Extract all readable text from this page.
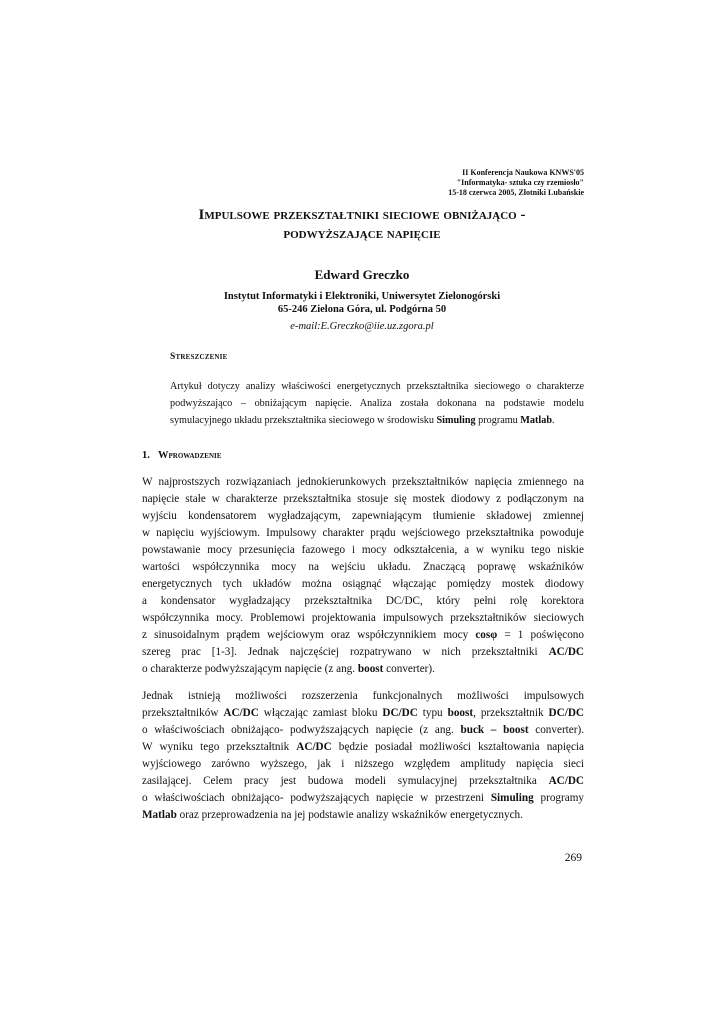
II Konferencja Naukowa KNWS'05
"Informatyka- sztuka czy rzemiosło"
15-18 czerwca 2005, Złotniki Lubańskie
Impulsowe przekształtniki sieciowe obniżająco -
podwyższające napięcie
Edward Greczko
Instytut Informatyki i Elektroniki, Uniwersytet Zielonogórski
65-246 Zielona Góra, ul. Podgórna 50
e-mail:E.Greczko@iie.uz.zgora.pl
Streszczenie
Artykuł dotyczy analizy właściwości energetycznych przekształtnika sieciowego o charakterze
podwyższająco – obniżającym napięcie. Analiza została dokonana na podstawie modelu
symulacyjnego układu przekształtnika sieciowego w środowisku Simuling programu Matlab.
1. Wprowadzenie
W najprostszych rozwiązaniach jednokierunkowych przekształtników napięcia zmiennego na
napięcie stałe w charakterze przekształtnika stosuje się mostek diodowy z podłączonym na
wyjściu kondensatorem wygładzającym, zapewniającym tłumienie składowej zmiennej
w napięciu wyjściowym. Impulsowy charakter prądu wejściowego przekształtnika powoduje
powstawanie mocy przesunięcia fazowego i mocy odkształcenia, a w wyniku tego niskie
wartości współczynnika mocy na wejściu układu. Znaczącą poprawę wskaźników
energetycznych tych układów można osiągnąć włączając pomiędzy mostek diodowy
a kondensator wygładzający przekształtnika DC/DC, który pełni rolę korektora
współczynnika mocy. Problemowi projektowania impulsowych przekształtników sieciowych
z sinusoidalnym prądem wejściowym oraz współczynnikiem mocy cosφ = 1 poświęcono
szereg prac [1-3]. Jednak najczęściej rozpatrywano w nich przekształtniki AC/DC
o charakterze podwyższającym napięcie (z ang. boost converter).
Jednak istnieją możliwości rozszerzenia funkcjonalnych możliwości impulsowych
przekształtników AC/DC włączając zamiast bloku DC/DC typu boost, przekształtnik DC/DC
o właściwościach obniżająco- podwyższających napięcie (z ang. buck – boost converter).
W wyniku tego przekształtnik AC/DC będzie posiadał możliwości kształtowania napięcia
wyjściowego zarówno wyższego, jak i niższego względem amplitudy napięcia sieci
zasilającej. Celem pracy jest budowa modeli symulacyjnej przekształtnika AC/DC
o właściwościach obniżająco- podwyższających napięcie w przestrzeni Simuling programy
Matlab oraz przeprowadzenia na jej podstawie analizy wskaźników energetycznych.
269
